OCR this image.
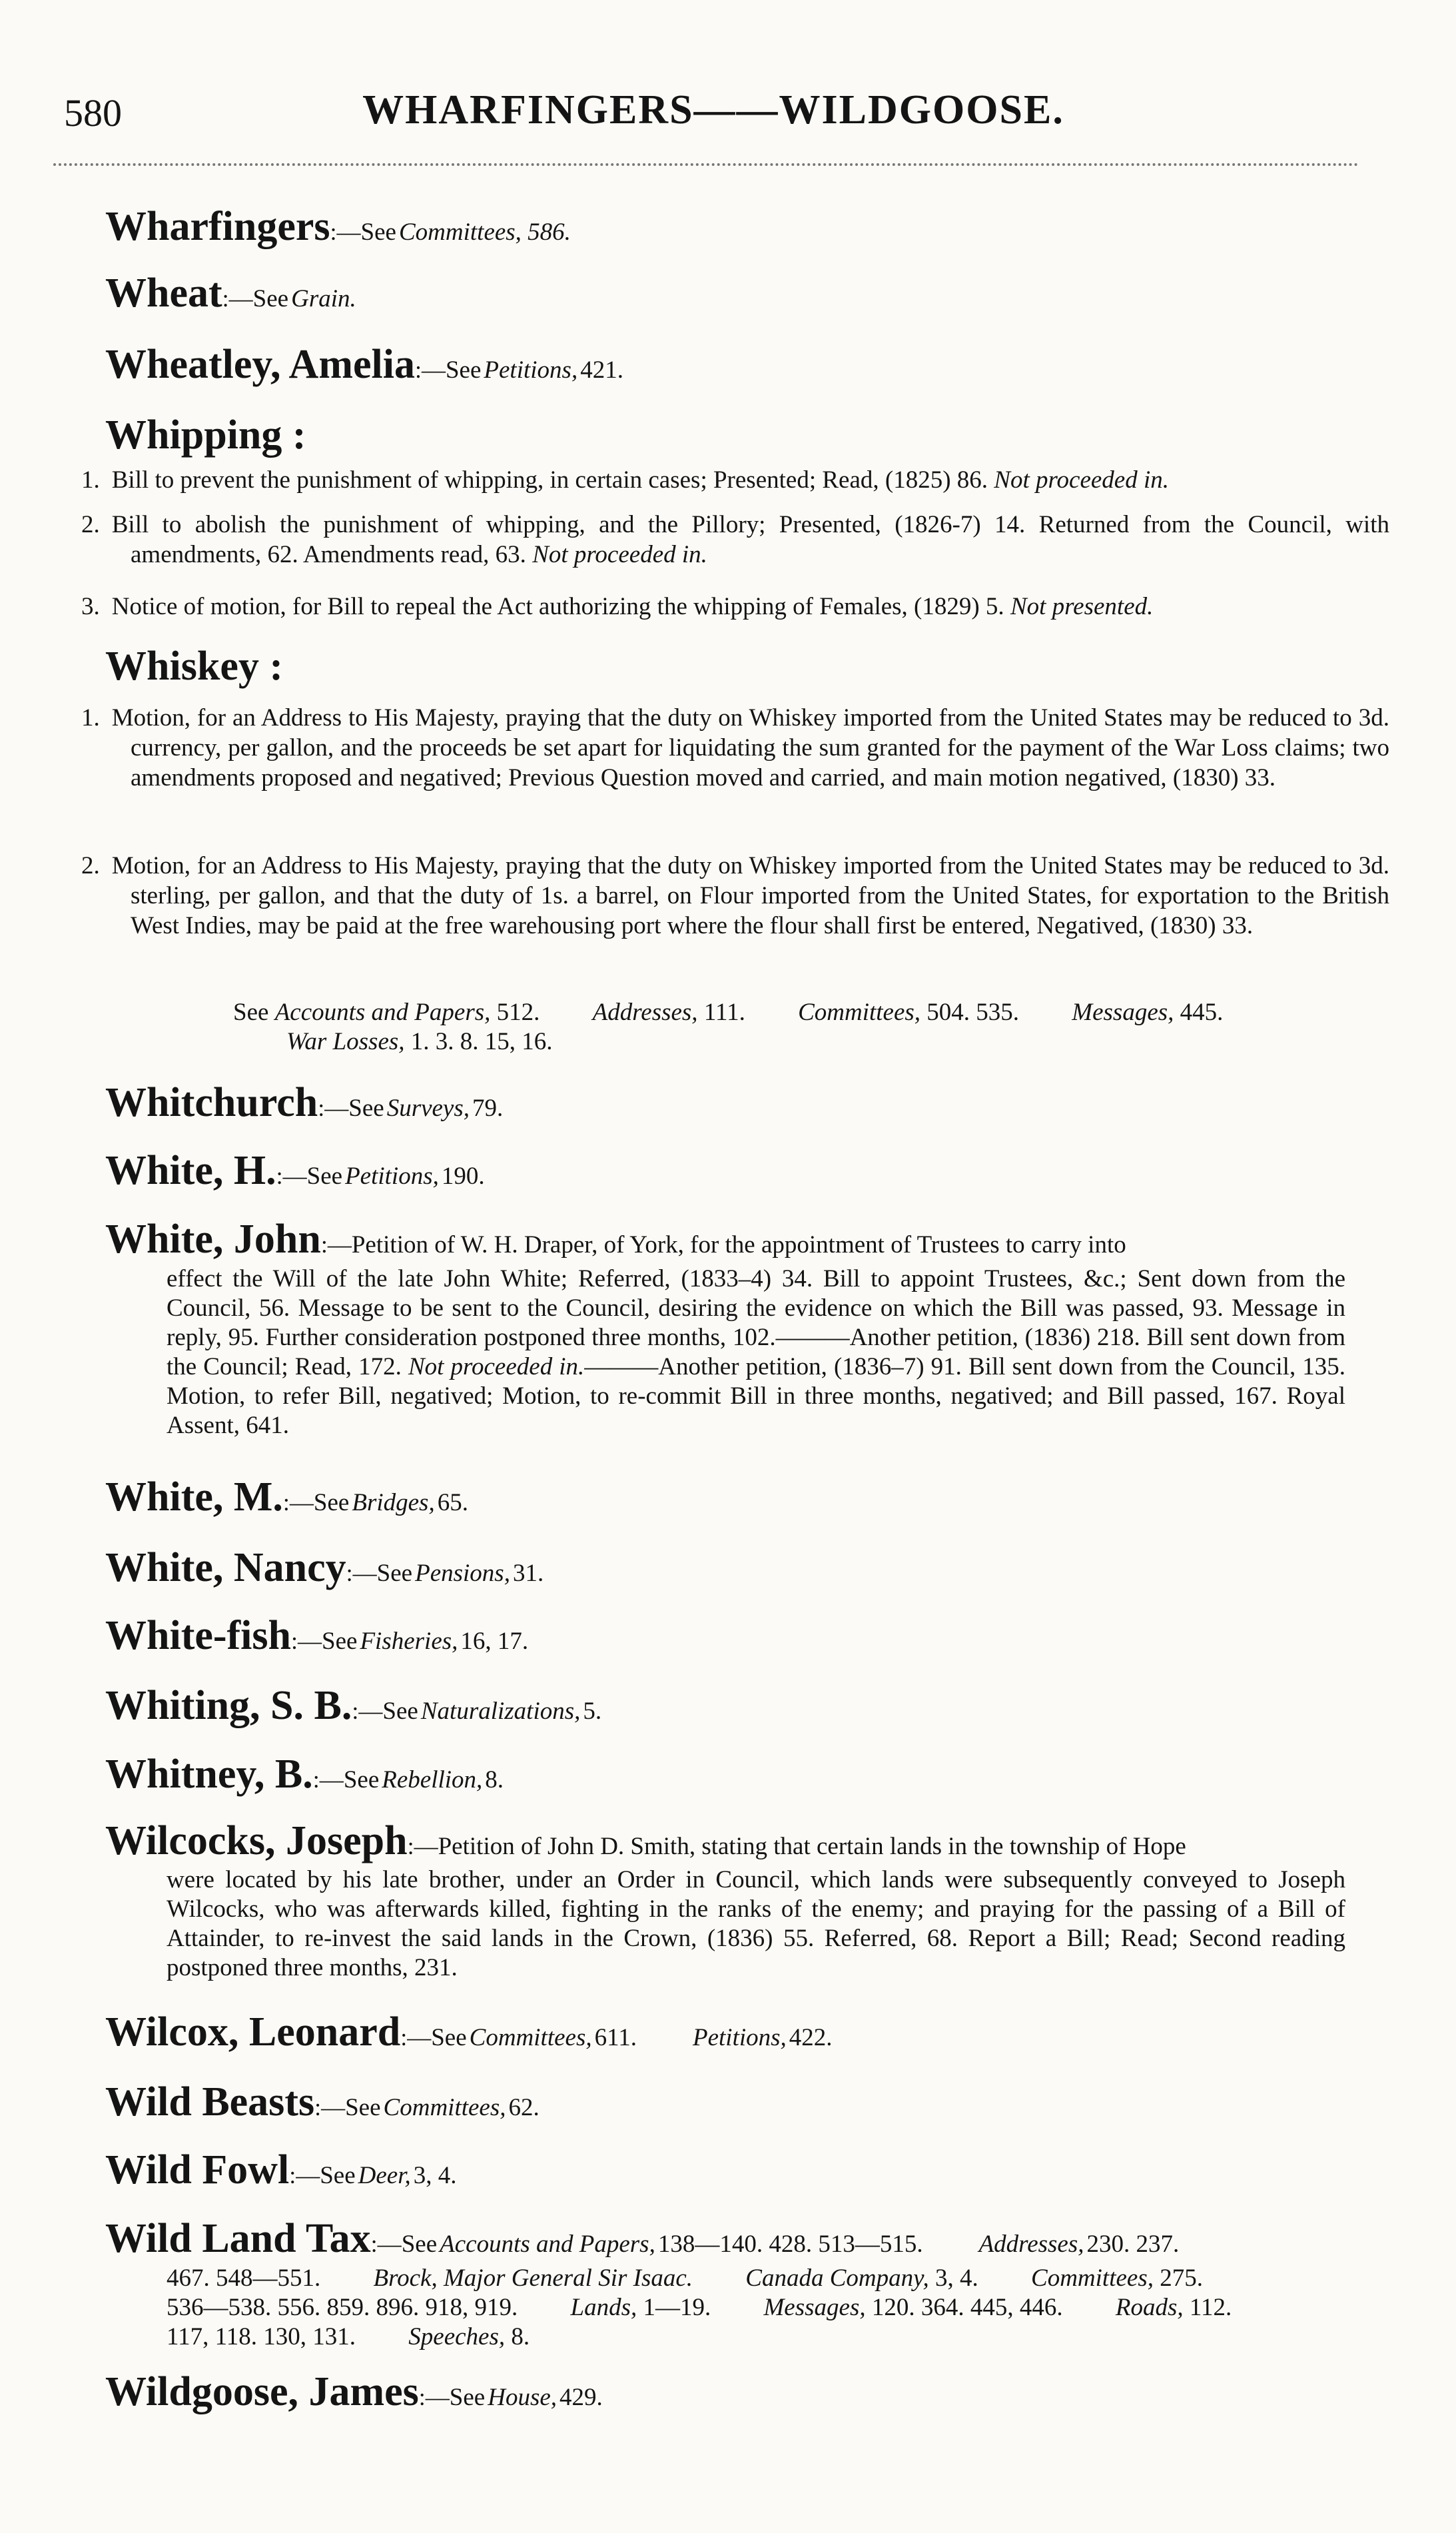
580	WHARFINGERS——WILDGOOSE.
Wharfingers:—See Committees, 586.
Wheat:—See Grain.
Wheatley, Amelia:—See Petitions, 421.
Whipping :
1. Bill to prevent the punishment of whipping, in certain cases; Presented; Read, (1825) 86. Not proceeded in.
2. Bill to abolish the punishment of whipping, and the Pillory; Presented, (1826-7) 14. Returned from the Council, with amendments, 62. Amendments read, 63. Not proceeded in.
3. Notice of motion, for Bill to repeal the Act authorizing the whipping of Females, (1829) 5. Not presented.
Whiskey :
1. Motion, for an Address to His Majesty, praying that the duty on Whiskey imported from the United States may be reduced to 3d. currency, per gallon, and the proceeds be set apart for liquidating the sum granted for the payment of the War Loss claims; two amendments proposed and negatived; Previous Question moved and carried, and main motion negatived, (1830) 33.
2. Motion, for an Address to His Majesty, praying that the duty on Whiskey imported from the United States may be reduced to 3d. sterling, per gallon, and that the duty of 1s. a barrel, on Flour imported from the United States, for exportation to the British West Indies, may be paid at the free warehousing port where the flour shall first be entered, Negatived, (1830) 33.
See Accounts and Papers, 512. Addresses, 111. Committees, 504. 535. Messages, 445.
War Losses, 1. 3. 8. 15, 16.
Whitchurch:—See Surveys, 79.
White, H.:—See Petitions, 190.
White, John:—Petition of W. H. Draper, of York, for the appointment of Trustees to carry into
effect the Will of the late John White; Referred, (1833–4) 34. Bill to appoint Trustees, &c.; Sent down from the Council, 56. Message to be sent to the Council, desiring the evidence on which the Bill was passed, 93. Message in reply, 95. Further consideration postponed three months, 102.———Another petition, (1836) 218. Bill sent down from the Council; Read, 172. Not proceeded in.———Another petition, (1836–7) 91. Bill sent down from the Council, 135. Motion, to refer Bill, negatived; Motion, to re-commit Bill in three months, negatived; and Bill passed, 167. Royal Assent, 641.
White, M.:—See Bridges, 65.
White, Nancy:—See Pensions, 31.
White-fish:—See Fisheries, 16, 17.
Whiting, S. B.:—See Naturalizations, 5.
Whitney, B.:—See Rebellion, 8.
Wilcocks, Joseph:—Petition of John D. Smith, stating that certain lands in the township of Hope
were located by his late brother, under an Order in Council, which lands were subsequently conveyed to Joseph Wilcocks, who was afterwards killed, fighting in the ranks of the enemy; and praying for the passing of a Bill of Attainder, to re-invest the said lands in the Crown, (1836) 55. Referred, 68. Report a Bill; Read; Second reading postponed three months, 231.
Wilcox, Leonard:—See Committees, 611. Petitions, 422.
Wild Beasts:—See Committees, 62.
Wild Fowl:—See Deer, 3, 4.
Wild Land Tax:—See Accounts and Papers, 138—140. 428. 513—515. Addresses, 230. 237.
467. 548—551. Brock, Major General Sir Isaac. Canada Company, 3, 4. Committees, 275.
536—538. 556. 859. 896. 918, 919. Lands, 1—19. Messages, 120. 364. 445, 446. Roads, 112.
117, 118. 130, 131. Speeches, 8.
Wildgoose, James:—See House, 429.
